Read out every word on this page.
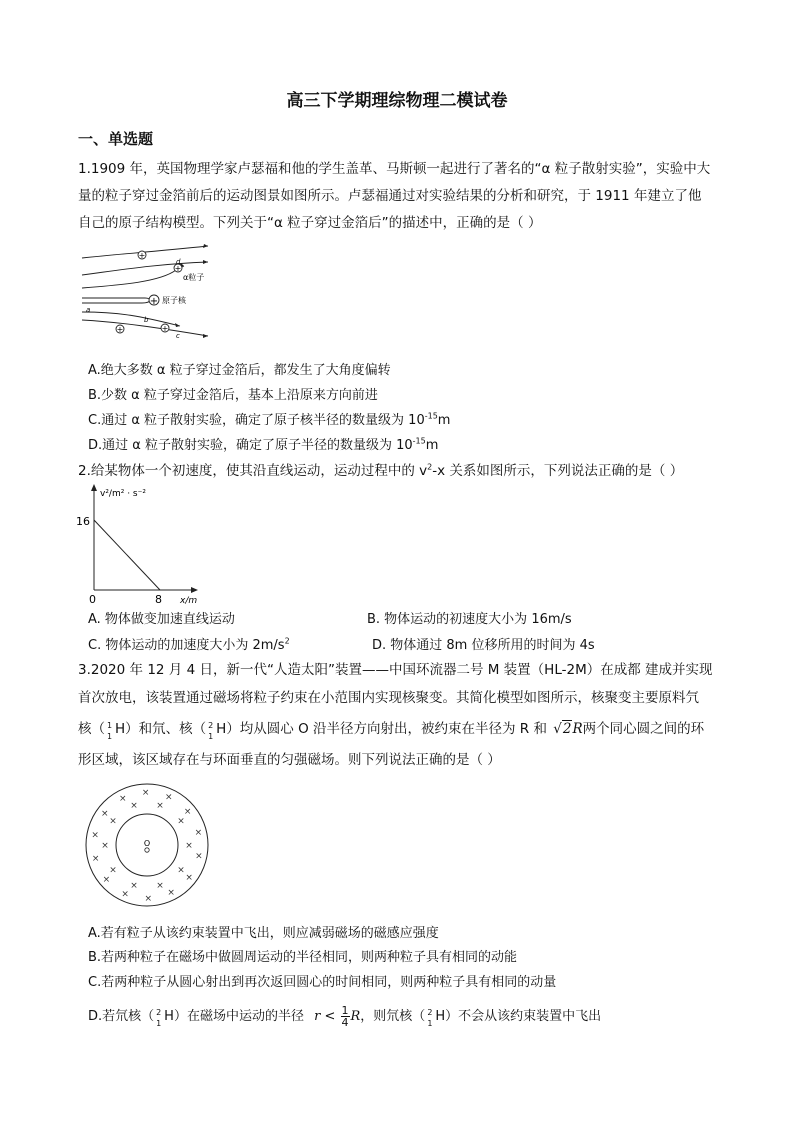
高三下学期理综物理二模试卷
一、单选题
1.1909 年，英国物理学家卢瑟福和他的学生盖革、马斯顿一起进行了著名的“α 粒子散射实验”，实验中大
量的粒子穿过金箔前后的运动图景如图所示。卢瑟福通过对实验结果的分析和研究，于 1911 年建立了他
自己的原子结构模型。下列关于“α 粒子穿过金箔后”的描述中，正确的是（ ）
+
+
+
+	+
α粒子
原子核
a
b
c
d
A.绝大多数 α 粒子穿过金箔后，都发生了大角度偏转
B.少数 α 粒子穿过金箔后，基本上沿原来方向前进
C.通过 α 粒子散射实验，确定了原子核半径的数量级为 $10^{-15}m$
D.通过 α 粒子散射实验，确定了原子半径的数量级为 $10^{-15}m$
2.给某物体一个初速度，使其沿直线运动，运动过程中的 $v^2-x$ 关系如图所示，下列说法正确的是（ ）
v²/m² · s⁻²
x/m
16
8
0
A. 物体做变加速直线运动	B. 物体运动的初速度大小为 16m/s
C. 物体运动的加速度大小为 $2m/s^2$	D. 物体通过 8m 位移所用的时间为 4s
3.2020 年 12 月 4 日，新一代“人造太阳”装置——中国环流器二号 M 装置（HL-2M）在成都 建成并实现
首次放电，该装置通过磁场将粒子约束在小范围内实现核聚变。其简化模型如图所示，核聚变主要原料氕
核（ 1
1 H）和氘、核（ 2
1 H）均从圆心 O 沿半径方向射出，被约束在半径为 R 和 √2R两个同心圆之间的环
形区域，该区域存在与环面垂直的匀强磁场。则下列说法正确的是（ ）
O	×
×
×
×
×
×
×
× ×
×
×
×
×
×
×
×
×
×
×
×
× ×
×
×
A.若有粒子从该约束装置中飞出，则应减弱磁场的磁感应强度
B.若两种粒子在磁场中做圆周运动的半径相同，则两种粒子具有相同的动能
C.若两种粒子从圆心射出到再次返回圆心的时间相同，则两种粒子具有相同的动量
D.若氘核（ 2
1 H）在磁场中运动的半径 $r < \frac{1}{4}$ R，则氘核（ 2
1 H）不会从该约束装置中飞出
